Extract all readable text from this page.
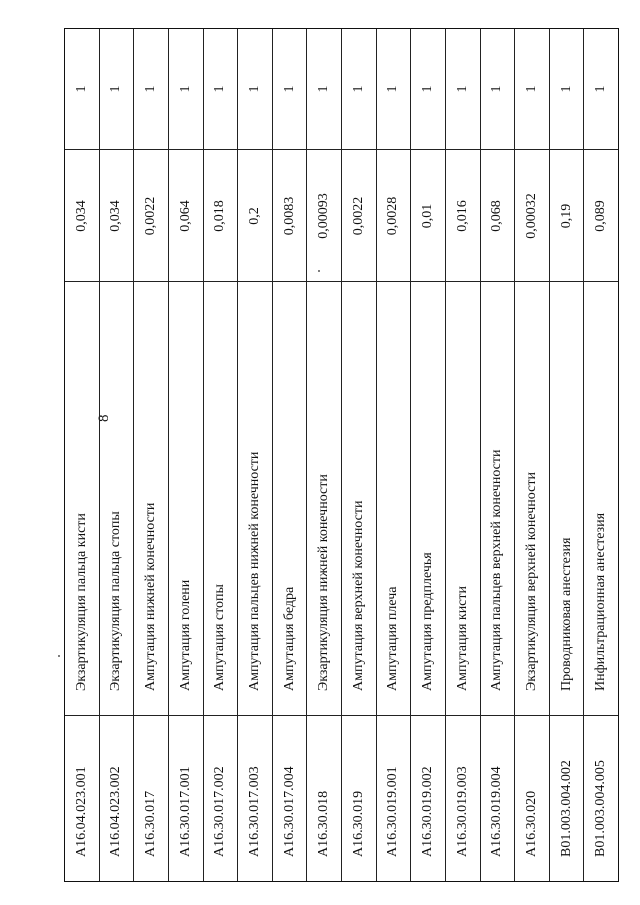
8
1
0,034
Экзартикуляция пальца кисти
A16.04.023.001
1
0,034
Экзартикуляция пальца стопы
A16.04.023.002
1
0,0022
Ампутация нижней конечности
A16.30.017
1
0,064
Ампутация голени
A16.30.017.001
1
0,018
Ампутация стопы
A16.30.017.002
1
0,2
Ампутация пальцев нижней конечности
A16.30.017.003
1
0,0083
Ампутация бедра
A16.30.017.004
1
0,00093
Экзартикуляция нижней конечности
A16.30.018
1
0,0022
Ампутация верхней конечности
A16.30.019
1
0,0028
Ампутация плеча
A16.30.019.001
1
0,01
Ампутация предплечья
A16.30.019.002
1
0,016
Ампутация кисти
A16.30.019.003
1
0,068
Ампутация пальцев верхней конечности
A16.30.019.004
1
0,00032
Экзартикуляция верхней конечности
A16.30.020
1
0,19
Проводниковая анестезия
B01.003.004.002
1
0,089
Инфильтрационная анестезия
B01.003.004.005
